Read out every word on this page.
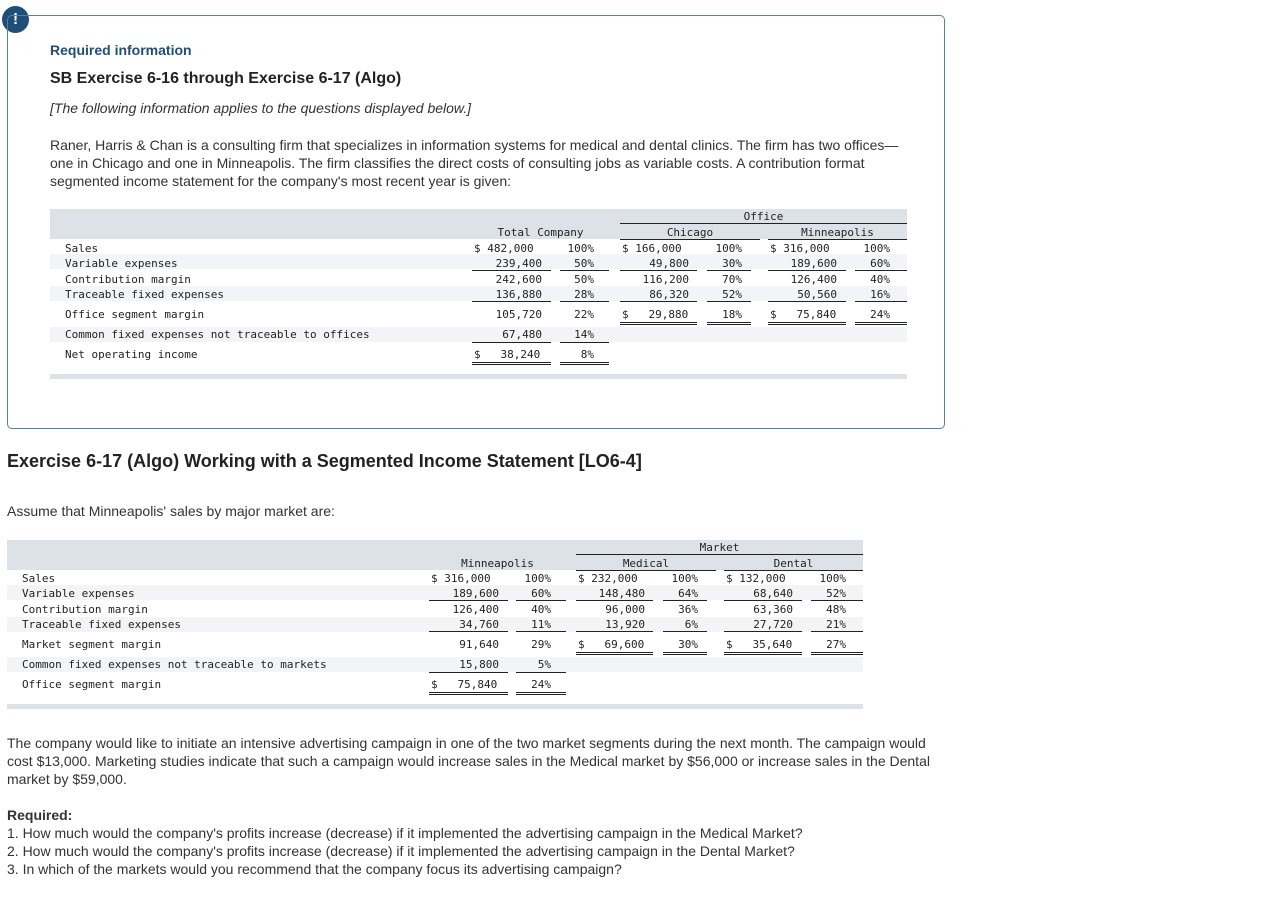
!
Required information
SB Exercise 6-16 through Exercise 6-17 (Algo)
[The following information applies to the questions displayed below.]
Raner, Harris & Chan is a consulting firm that specializes in information systems for medical and dental clinics. The firm has two offices—one in Chicago and one in Minneapolis. The firm classifies the direct costs of consulting jobs as variable costs. A contribution format segmented income statement for the company's most recent year is given:
Office
Total Company	Chicago	Minneapolis
Sales	$ 482,000	100%	$ 166,000	100%	$ 316,000	100%
Variable expenses	239,400	50%	49,800	30%	189,600	60%
Contribution margin	242,600	50%	116,200	70%	126,400	40%
Traceable fixed expenses	136,880	28%	86,320	52%	50,560	16%
Office segment margin	105,720	22%	$   29,880	18%	$   75,840	24%
Common fixed expenses not traceable to offices	67,480	14%
Net operating income	$   38,240	8%
Exercise 6-17 (Algo) Working with a Segmented Income Statement [LO6-4]
Assume that Minneapolis' sales by major market are:
Market
Minneapolis	Medical	Dental
Sales	$ 316,000	100% $ 232,000	100%	$ 132,000	100%
Variable expenses	189,600	60%	148,480	64%	68,640	52%
Contribution margin	126,400	40%	96,000	36%	63,360	48%
Traceable fixed expenses	34,760	11%	13,920	6%	27,720	21%
Market segment margin	91,640	29% $   69,600	30%	$   35,640	27%
Common fixed expenses not traceable to markets	15,800	5%
Office segment margin	$   75,840	24%
The company would like to initiate an intensive advertising campaign in one of the two market segments during the next month. The campaign would cost $13,000. Marketing studies indicate that such a campaign would increase sales in the Medical market by $56,000 or increase sales in the Dental market by $59,000.
Required:
1. How much would the company's profits increase (decrease) if it implemented the advertising campaign in the Medical Market?
2. How much would the company's profits increase (decrease) if it implemented the advertising campaign in the Dental Market?
3. In which of the markets would you recommend that the company focus its advertising campaign?
